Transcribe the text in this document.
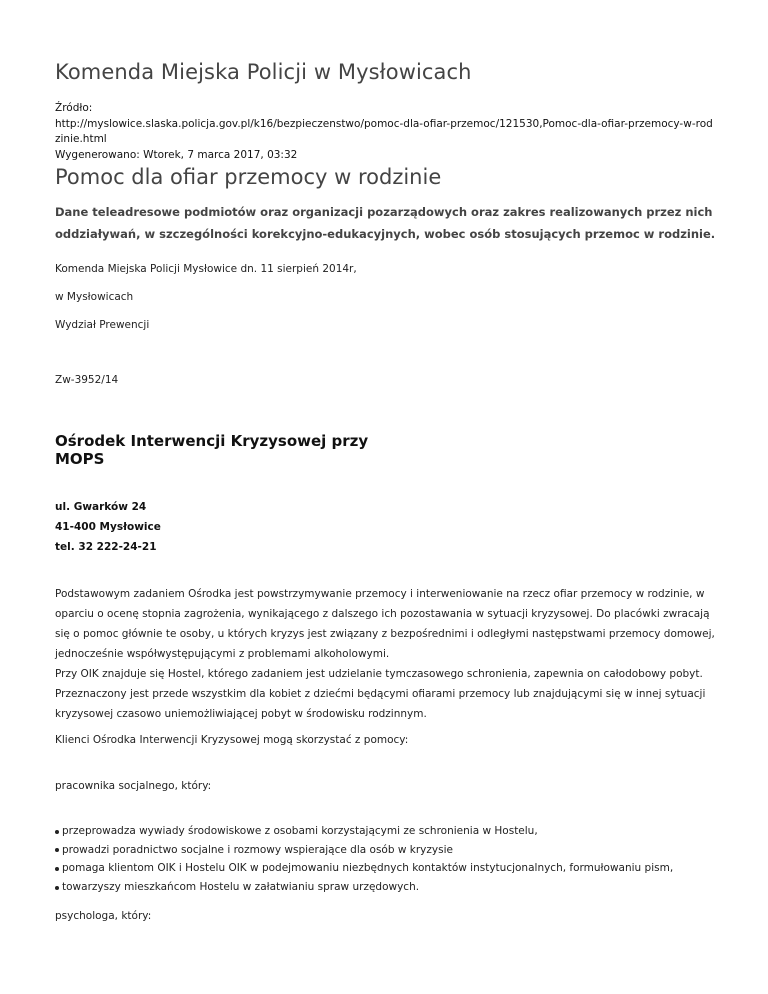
Komenda Miejska Policji w Mysłowicach
Źródło:
http://myslowice.slaska.policja.gov.pl/k16/bezpieczenstwo/pomoc-dla-ofiar-przemoc/121530,Pomoc-dla-ofiar-przemocy-w-rodzinie.html
Wygenerowano: Wtorek, 7 marca 2017, 03:32
Pomoc dla ofiar przemocy w rodzinie

Dane teleadresowe podmiotów oraz organizacji pozarządowych oraz zakres realizowanych przez nich oddziaływań, w szczególności korekcyjno-edukacyjnych, wobec osób stosujących przemoc w rodzinie.

Komenda Miejska Policji Mysłowice dn. 11 sierpień 2014r,

w Mysłowicach

Wydział Prewencji

Zw-3952/14

Ośrodek Interwencji Kryzysowej przy MOPS
ul. Gwarków 24
41-400 Mysłowice
tel. 32 222-24-21

Podstawowym zadaniem Ośrodka jest powstrzymywanie przemocy i interweniowanie na rzecz ofiar przemocy w rodzinie, w oparciu o ocenę stopnia zagrożenia, wynikającego z dalszego ich pozostawania w sytuacji kryzysowej. Do placówki zwracają się o pomoc głównie te osoby, u których kryzys jest związany z bezpośrednimi i odległymi następstwami przemocy domowej, jednocześnie współwystępującymi z problemami alkoholowymi.

Przy OIK znajduje się Hostel, którego zadaniem jest udzielanie tymczasowego schronienia, zapewnia on całodobowy pobyt. Przeznaczony jest przede wszystkim dla kobiet z dziećmi będącymi ofiarami przemocy lub znajdującymi się w innej sytuacji kryzysowej czasowo uniemożliwiającej pobyt w środowisku rodzinnym.

Klienci Ośrodka Interwencji Kryzysowej mogą skorzystać z pomocy:

pracownika socjalnego, który:

przeprowadza wywiady środowiskowe z osobami korzystającymi ze schronienia w Hostelu,
prowadzi poradnictwo socjalne i rozmowy wspierające dla osób w kryzysie
pomaga klientom OIK i Hostelu OIK w podejmowaniu niezbędnych kontaktów instytucjonalnych, formułowaniu pism,
towarzyszy mieszkańcom Hostelu w załatwianiu spraw urzędowych.

psychologa, który:
